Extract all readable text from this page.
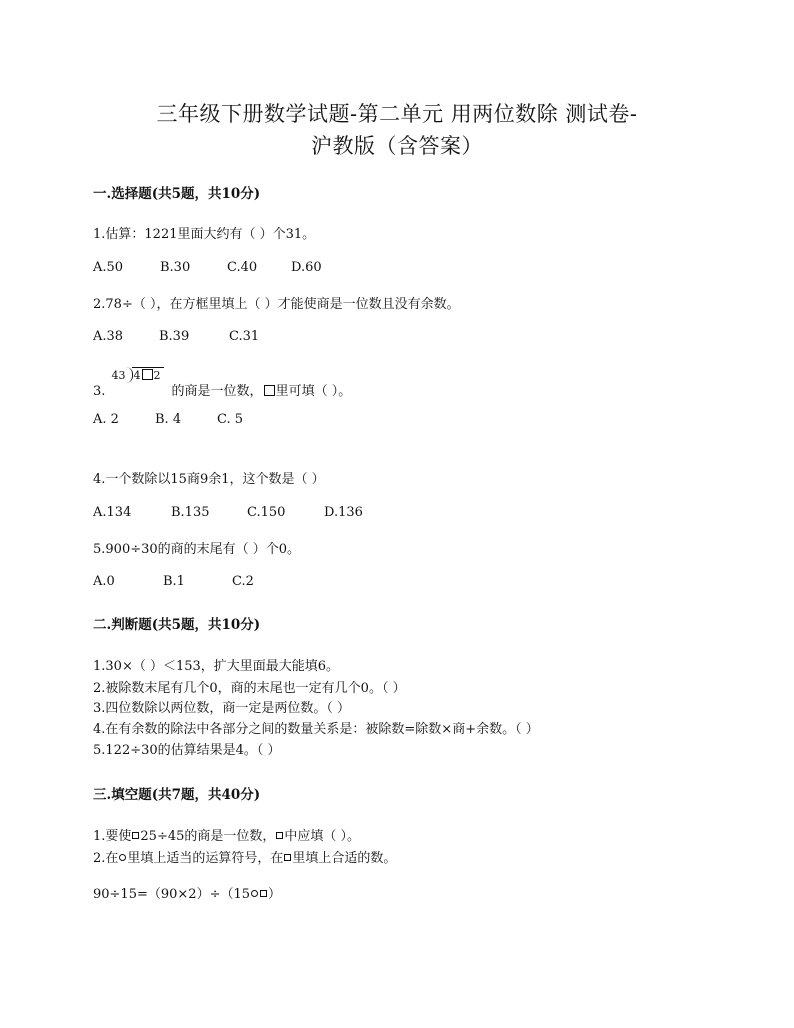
三年级下册数学试题-第二单元 用两位数除 测试卷-
沪教版（含答案）
一.选择题(共5题，共10分)
1.估算：1221里面大约有（ ）个31。
A.50	B.30	C.40	D.60
2.78÷（ ），在方框里填上（ ）才能使商是一位数且没有余数。
A.38	B.39	C.31
3.
43 4 2
的商是一位数， 里可填（ ）。
A. 2	B. 4	C. 5
4.一个数除以15商9余1，这个数是（ ）
A.134	B.135	C.150	D.136
5.900÷30的商的末尾有（ ）个0。
A.0	B.1	C.2
二.判断题(共5题，共10分)
1.30×（ ）＜153，扩大里面最大能填6。
2.被除数末尾有几个0，商的末尾也一定有几个0。（ ）
3.四位数除以两位数，商一定是两位数。（ ）
4.在有余数的除法中各部分之间的数量关系是：被除数=除数×商+余数。（ ）
5.122÷30的估算结果是4。（ ）
三.填空题(共7题，共40分)
1.要使 25÷45的商是一位数， 中应填（ ）。
2.在 里填上适当的运算符号，在 里填上合适的数。
90÷15=（90×2）÷（15 ）
